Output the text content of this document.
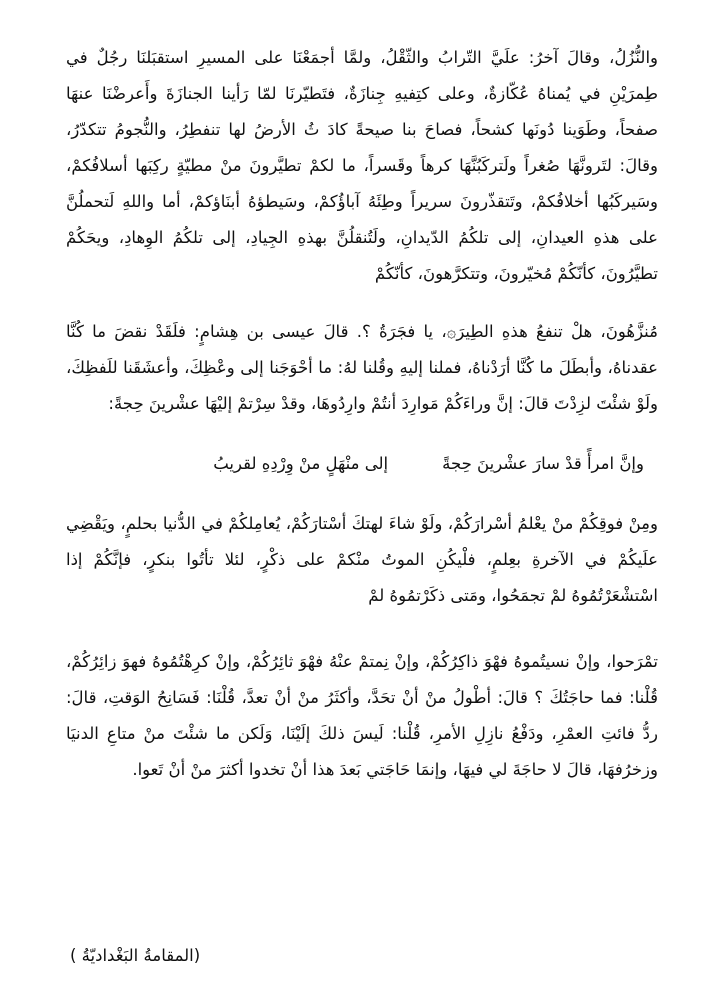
والنُّزُلُ، وقالَ آخرُ: علَيَّ التّرابُ والثّقْلُ، ولمَّا أجمَعْنَا على المسيرِ استقبَلنَا رجُلٌ في طِمرَيْنِ في يُمناهُ عُكّازةٌ، وعلى كتِفيهِ جِنازَةٌ، فتَطيّرنَا لمّا رَأينا الجنازَةَ وأَعرضْنَا عنهَا صفحاً، وطَوَينا دُونَها كشحاً، فصاحَ بنا صيحةً كادَ ثُ الأرضُ لها تنفطِرُ، والنُّجومُ تتكدّرُ، وقالَ: لتَرونَّهَا صُغراً ولَتركَبُنَّهَا كرهاً وقَسراً، ما لكمْ تطيَّرونَ منْ مطيّةٍ ركِبَها أسلافُكمْ، وسَيركَبُها أخلافُكمْ، وتَتقذّرونَ سريراً وطِئَهُ آباؤُكمْ، وسَيطؤهُ أبنَاؤكمْ، أما واللهِ لَتحملُنَّ على هذهِ العيدانِ، إلى تلكُمُ الدّيدانِ، ولَتُنقلُنَّ بهذهِ الجِيادِ، إلى تلكُمُ الوِهادِ، ويحَكُمْ تطيَّرُونَ، كأنّكُمْ مُخيّرونَ، وتتكرَّهونَ، كأنّكُمْ

مُنزَّهُونَ، هلْ تنفعُ هذهِ الطِيرَ۞، يا فجَرَةُ ؟. قالَ عيسى بن هِشامٍ: فلَقَدْ نقضَ ما كُنَّا عقدناهُ، وأبطَلَ ما كُنَّا أرَدْناهُ، فملنا إليهِ وقُلنا لهُ: ما أحْوَجَنا إلى وعْظِكَ، وأعشَقَنا للَفظِكَ، ولَوْ شئْتَ لزِدْتَ قالَ: إنَّ وراءَكُمْ مَوارِدَ أنتُمْ وارِدُوهَا، وقدْ سِرْتمْ إليْهَا عشْرينَ حِجةً:

وإنَّ امرأً قدْ سارَ عشْرينَ حِجةً
إلى منْهَلٍ منْ وِرْدِهِ لقريبُ

ومِنْ فوقِكُمْ منْ يعْلمُ أسْرارَكُمْ، ولَوْ شاءَ لهتكَ أسْتارَكُمْ، يُعامِلكُمْ في الدُّنيا بحلمٍ، ويَقْضِي علَيكُمْ في الآخرةِ بعِلمٍ، فلْيكُنِ الموتُ منْكمْ على ذكْرٍ، لئلا تأتُوا بنكرٍ، فإنَّكُمْ إذا اسْتشْعَرْتُمُوهُ لمْ تجمَحُوا، ومَتى ذكَرْتمُوهُ لمْ

تمْرَحوا، وإنْ نسيتُموهُ فهْوَ ذاكِرُكُمْ، وإنْ نِمتمْ عنْهُ فهْوَ ثائِرُكُمْ، وإنْ كرِهْتُمُوهُ فهوَ زائِرُكُمْ، قُلْنا: فما حاجَتُكَ ؟ قالَ: أطْولُ منْ أنْ تحَدَّ، وأكثَرُ منْ أنْ تعدَّ، قُلْنَا: فَسَانِحُ الوَقتِ، قالَ: ردُّ فائتِ العمْرِ، ودَفْعُ نازِلِ الأمرِ، قُلْنا: لَيسَ ذلكَ إلَيْنَا، وَلَكن ما شئْتَ منْ متاعِ الدنيَا وزخرُفهَا، قالَ لا حاجَةَ لي فيهَا، وإنمَا حَاجَتي بَعدَ هذا أنْ تخدوا أكثرَ منْ أنْ تَعوا.

(المقامةُ البَغْداديّةُ )
